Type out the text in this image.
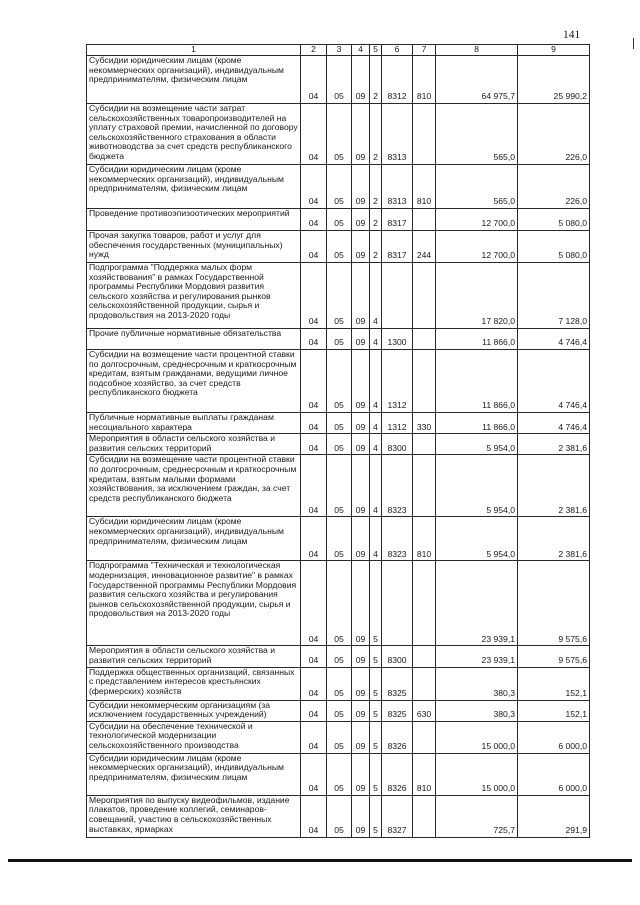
141
1	2	3	4	5	6	7	8	9
Субсидии юридическим лицам (кроме некоммерческих организаций), индивидуальным предпринимателям, физическим лицам	04	05	09	2	8312	810	64 975,7	25 990,2
Субсидии на возмещение части затрат сельскохозяйственных товаропроизводителей на уплату страховой премии, начисленной по договору сельскохозяйственного страхования в области животноводства за счет средств республиканского бюджета	04	05	09	2	8313		565,0	226,0
Субсидии юридическим лицам (кроме некоммерческих организаций), индивидуальным предпринимателям, физическим лицам	04	05	09	2	8313	810	565,0	226,0
Проведение противоэпизоотических мероприятий	04	05	09	2	8317		12 700,0	5 080,0
Прочая закупка товаров, работ и услуг для обеспечения государственных (муниципальных) нужд	04	05	09	2	8317	244	12 700,0	5 080,0
Подпрограмма "Поддержка малых форм хозяйствования" в рамках Государственной программы Республики Мордовия развития сельского хозяйства и регулирования рынков сельскохозяйственной продукции, сырья и продовольствия на 2013-2020 годы	04	05	09	4			17 820,0	7 128,0
Прочие публичные нормативные обязательства	04	05	09	4	1300		11 866,0	4 746,4
Субсидии на возмещение части процентной ставки по долгосрочным, среднесрочным и краткосрочным кредитам, взятым гражданами, ведущими личное подсобное хозяйство, за счет средств республиканского бюджета	04	05	09	4	1312		11 866,0	4 746,4
Публичные нормативные выплаты гражданам несоциального характера	04	05	09	4	1312	330	11 866,0	4 746,4
Мероприятия в области сельского хозяйства и развития сельских территорий	04	05	09	4	8300		5 954,0	2 381,6
Субсидии на возмещение части процентной ставки по долгосрочным, среднесрочным и краткосрочным кредитам, взятым малыми формами хозяйствования, за исключением граждан, за счет средств республиканского бюджета	04	05	09	4	8323		5 954,0	2 381,6
Субсидии юридическим лицам (кроме некоммерческих организаций), индивидуальным предпринимателям, физическим лицам	04	05	09	4	8323	810	5 954,0	2 381,6
Подпрограмма "Техническая и технологическая модернизация, инновационное развитие" в рамках Государственной программы Республики Мордовия развития сельского хозяйства и регулирования рынков сельскохозяйственной продукции, сырья и продовольствия на 2013-2020 годы	04	05	09	5			23 939,1	9 575,6
Мероприятия в области сельского хозяйства и развития сельских территорий	04	05	09	5	8300		23 939,1	9 575,6
Поддержка общественных организаций, связанных с представлением интересов крестьянских (фермерских) хозяйств	04	05	09	5	8325		380,3	152,1
Субсидии некоммерческим организациям (за исключением государственных учреждений)	04	05	09	5	8325	630	380,3	152,1
Субсидии на обеспечение технической и технологической модернизации сельскохозяйственного производства	04	05	09	5	8326		15 000,0	6 000,0
Субсидии юридическим лицам (кроме некоммерческих организаций), индивидуальным предпринимателям, физическим лицам	04	05	09	5	8326	810	15 000,0	6 000,0
Мероприятия по выпуску видеофильмов, издание плакатов, проведение коллегий, семинаров-совещаний, участию в сельскохозяйственных выставках, ярмарках	04	05	09	5	8327		725,7	291,9
